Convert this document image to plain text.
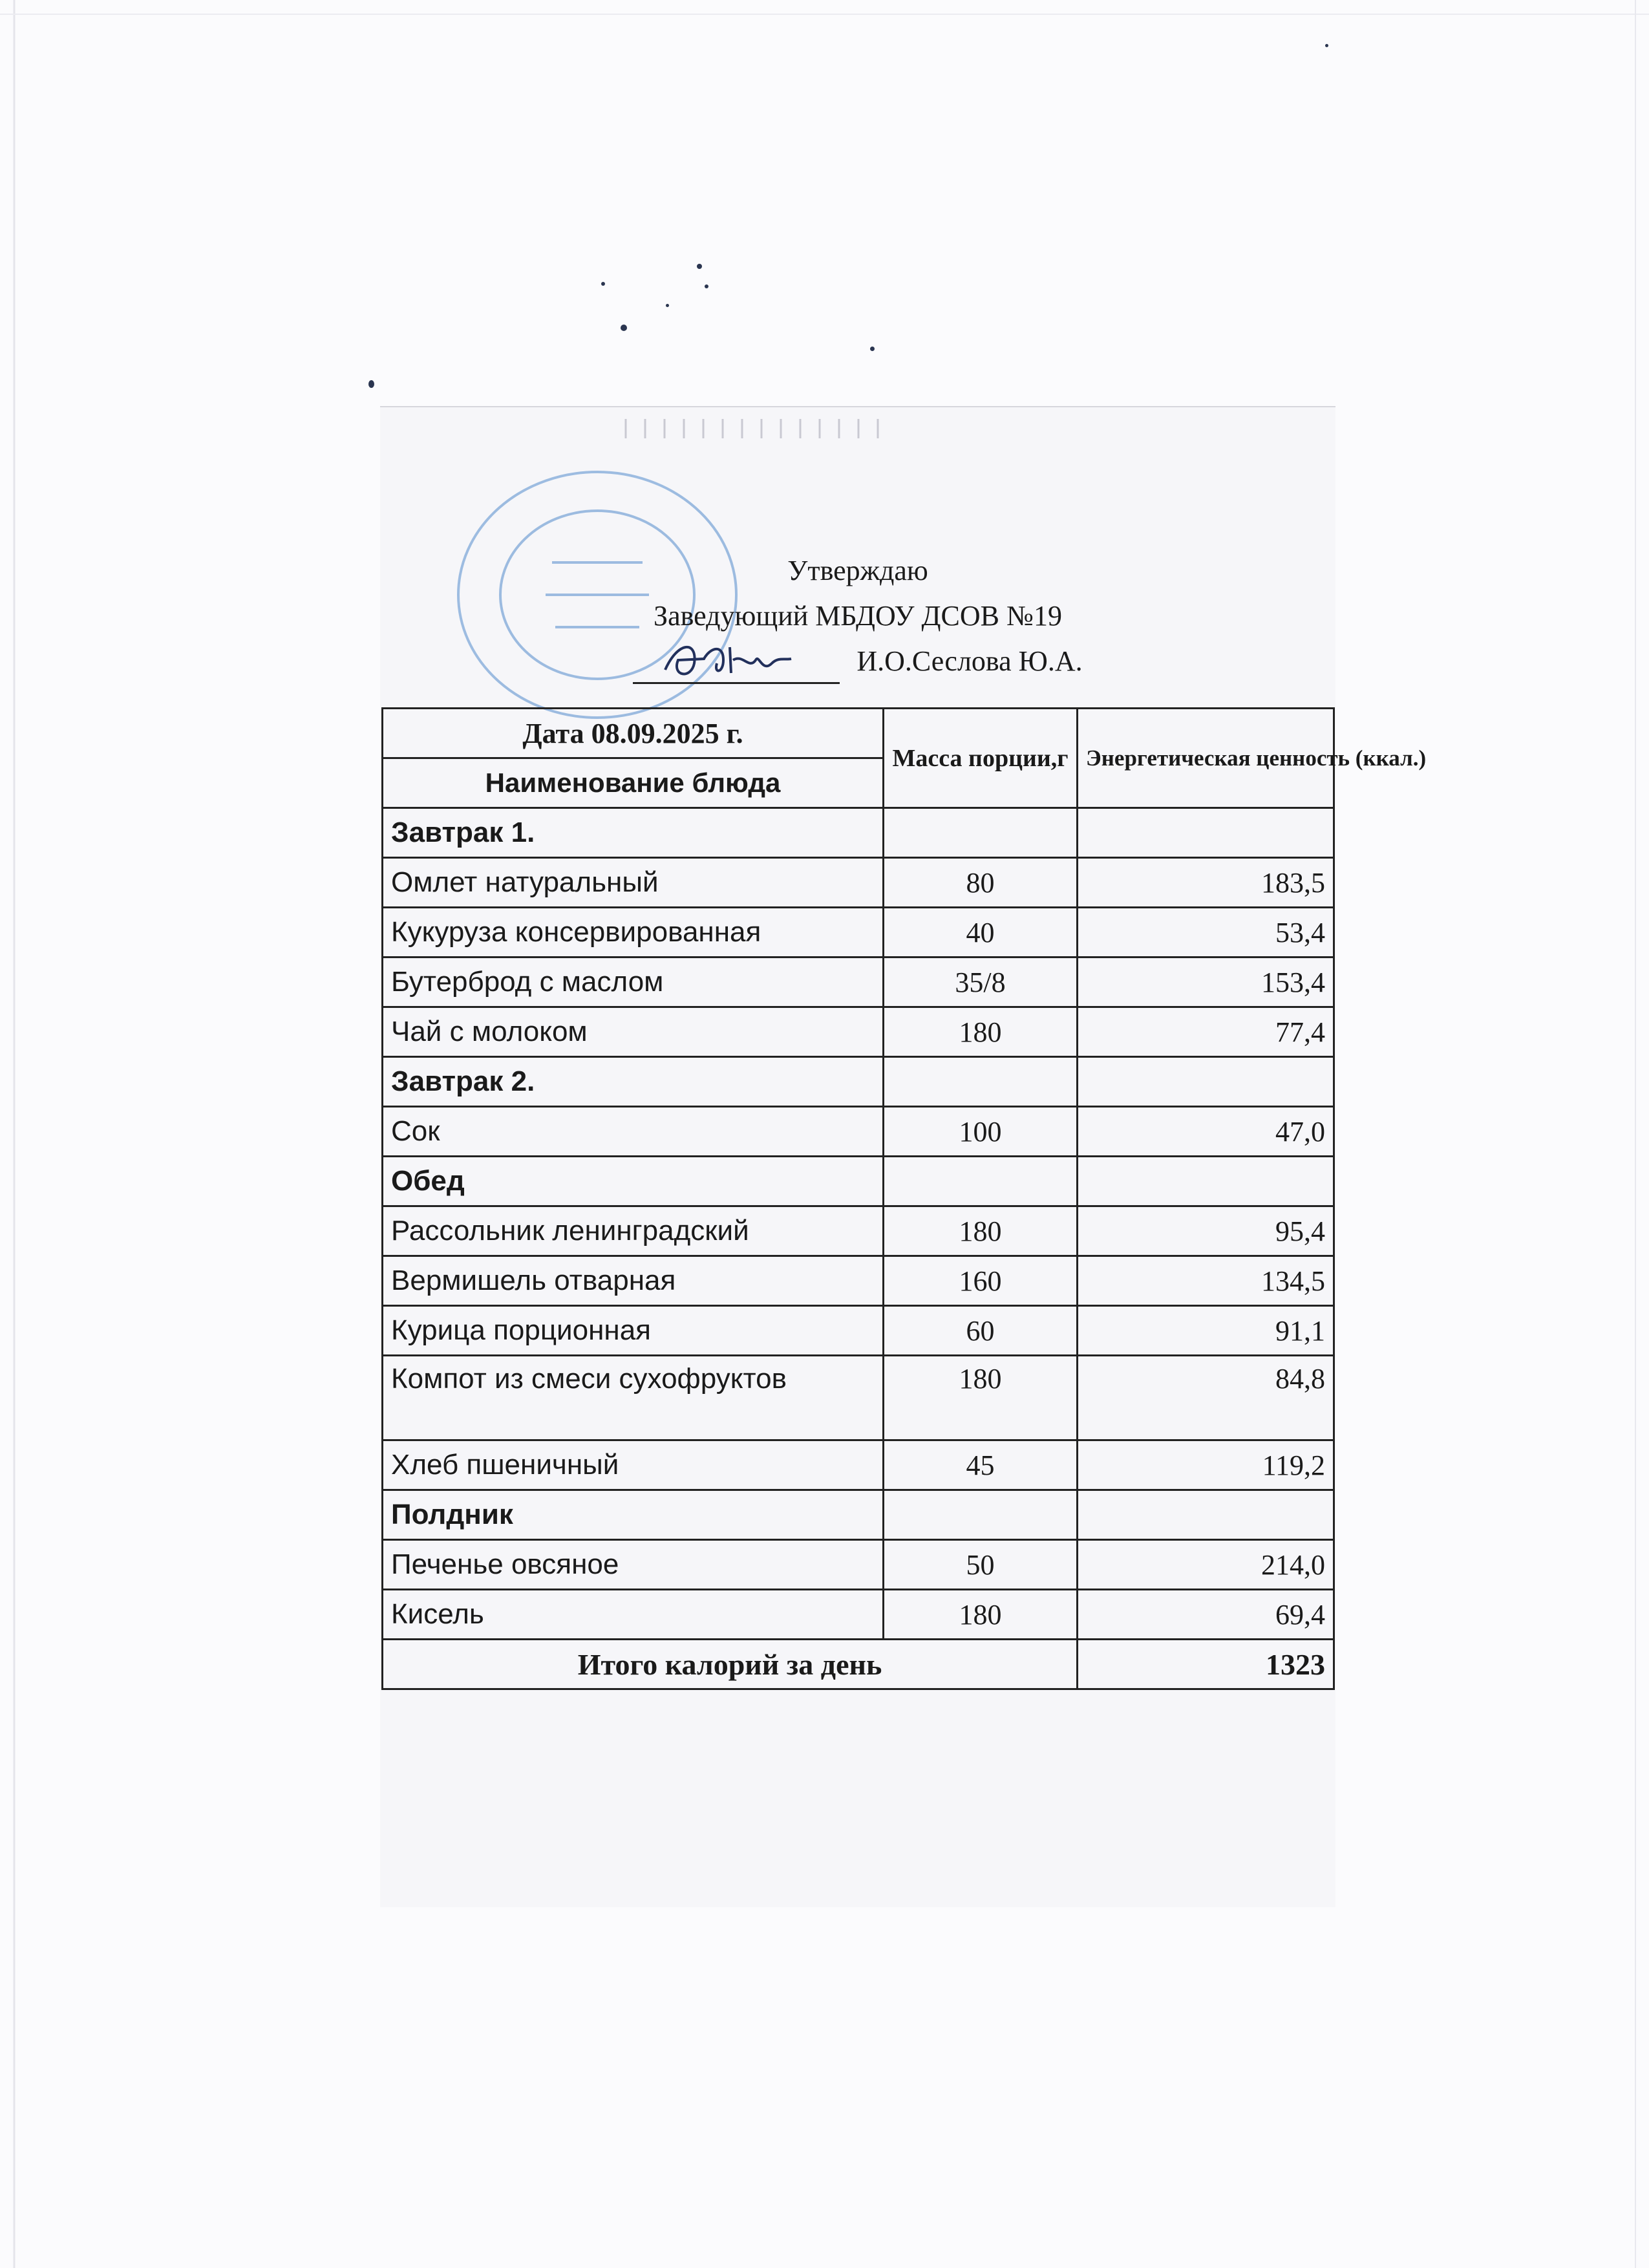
Утверждаю
Заведующий МБДОУ ДСОВ №19
И.О.Сеслова Ю.А.
Дата 08.09.2025 г.	Масса порции,г	Энергетическая ценность (ккал.)
Наименование блюда		
Завтрак 1.		
Омлет натуральный	80	183,5
Кукуруза консервированная	40	53,4
Бутерброд с маслом	35/8	153,4
Чай с молоком	180	77,4
Завтрак 2.		
Сок	100	47,0
Обед		
Рассольник ленинградский	180	95,4
Вермишель отварная	160	134,5
Курица порционная	60	91,1
Компот из смеси сухофруктов	180	84,8
Хлеб пшеничный	45	119,2
Полдник		
Печенье овсяное	50	214,0
Кисель	180	69,4
Итого калорий за день		1323
